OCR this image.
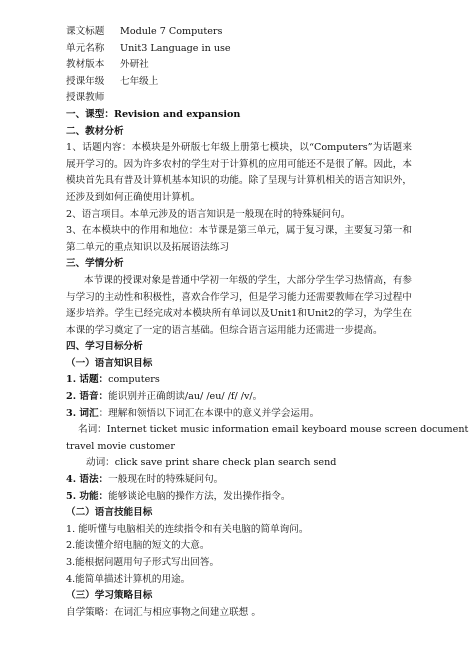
课文标题 Module 7 Computers
单元名称 Unit3 Language in use
教材版本 外研社
授课年级 七年级上
授课教师
一、课型：Revision and expansion
二、教材分析
1、话题内容：本模块是外研版七年级上册第七模块，以“Computers”为话题来展开学习的。因为许多农村的学生对于计算机的应用可能还不是很了解。因此，本模块首先具有普及计算机基本知识的功能。除了呈现与计算机相关的语言知识外，还涉及到如何正确使用计算机。
2、语言项目。本单元涉及的语言知识是一般现在时的特殊疑问句。
3、在本模块中的作用和地位：本节课是第三单元，属于复习课，主要复习第一和第二单元的重点知识以及拓展语法练习
三、学情分析
本节课的授课对象是普通中学初一年级的学生，大部分学生学习热情高，有参与学习的主动性和积极性，喜欢合作学习，但是学习能力还需要教师在学习过程中逐步培养。学生已经完成对本模块所有单词以及Unit1和Unit2的学习，为学生在本课的学习奠定了一定的语言基础。但综合语言运用能力还需进一步提高。
四、学习目标分析
（一）语言知识目标
1. 话题：computers
2. 语音：能识别并正确朗读/au/ /eu/ /f/ /v/。
3. 词汇：理解和领悟以下词汇在本课中的意义并学会运用。
名词：Internet ticket music information email keyboard mouse screen document
travel movie customer
动词：click save print share check plan search send
4. 语法：一般现在时的特殊疑问句。
5. 功能：能够谈论电脑的操作方法，发出操作指令。
（二）语言技能目标
1. 能听懂与电脑相关的连续指令和有关电脑的简单询问。
2.能读懂介绍电脑的短文的大意。
3.能根据问题用句子形式写出回答。
4.能简单描述计算机的用途。
（三）学习策略目标
自学策略：在词汇与相应事物之间建立联想 。
